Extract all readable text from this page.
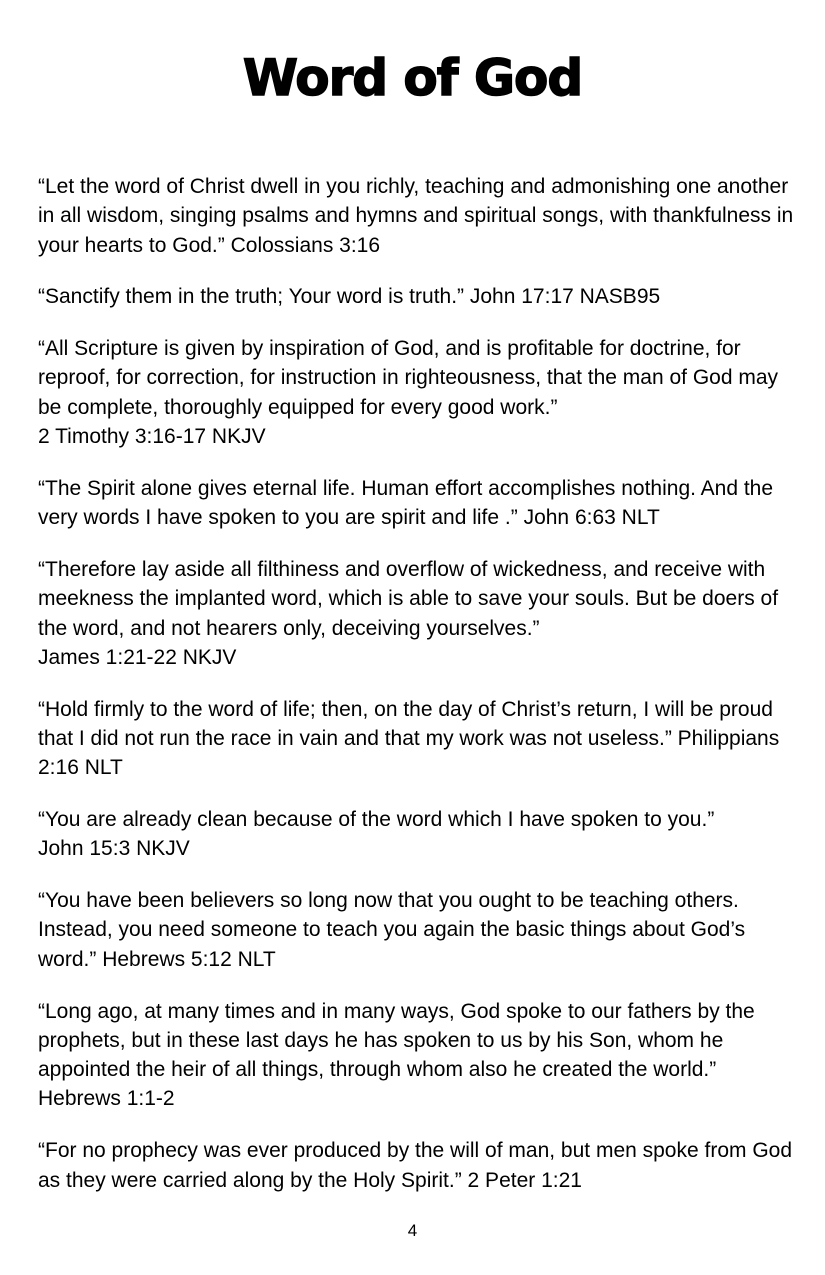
Word of God

“Let the word of Christ dwell in you richly, teaching and admonishing one another in all wisdom, singing psalms and hymns and spiritual songs, with thankfulness in your hearts to God.” Colossians 3:16

“Sanctify them in the truth; Your word is truth.” John 17:17 NASB95

“All Scripture is given by inspiration of God, and is profitable for doctrine, for reproof, for correction, for instruction in righteousness, that the man of God may be complete, thoroughly equipped for every good work.”
2 Timothy 3:16-17 NKJV

“The Spirit alone gives eternal life. Human effort accomplishes nothing. And the very words I have spoken to you are spirit and life .” John 6:63 NLT

“Therefore lay aside all filthiness and overflow of wickedness, and receive with meekness the implanted word, which is able to save your souls. But be doers of the word, and not hearers only, deceiving yourselves.”
James 1:21-22 NKJV

“Hold firmly to the word of life; then, on the day of Christ’s return, I will be proud that I did not run the race in vain and that my work was not useless.” Philippians 2:16 NLT

“You are already clean because of the word which I have spoken to you.”
John 15:3 NKJV

“You have been believers so long now that you ought to be teaching others. Instead, you need someone to teach you again the basic things about God’s word.” Hebrews 5:12 NLT

“Long ago, at many times and in many ways, God spoke to our fathers by the prophets, but in these last days he has spoken to us by his Son, whom he appointed the heir of all things, through whom also he created the world.” Hebrews 1:1-2

“For no prophecy was ever produced by the will of man, but men spoke from God as they were carried along by the Holy Spirit.” 2 Peter 1:21

4
